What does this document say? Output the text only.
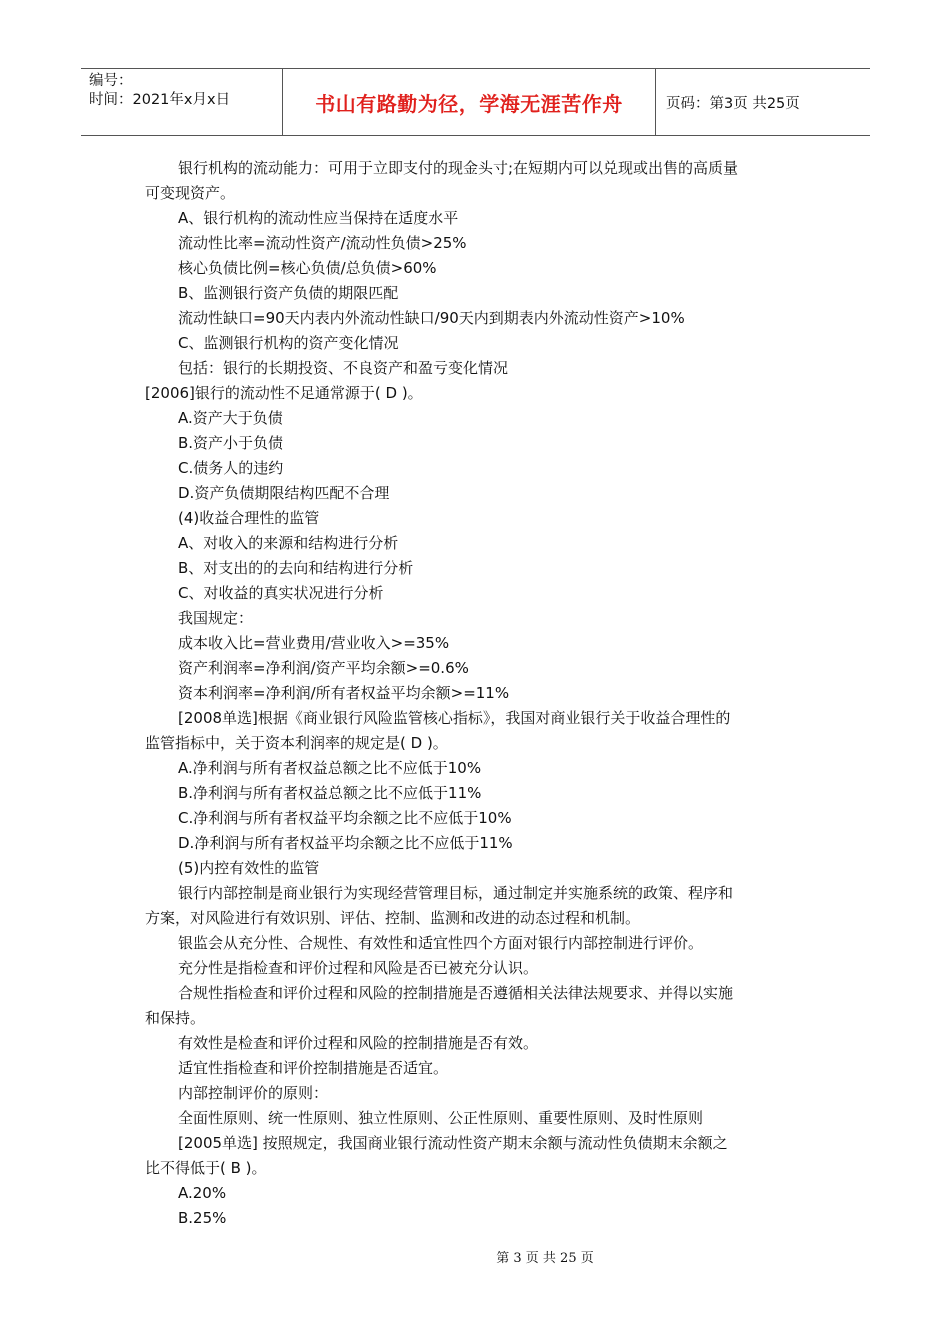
编号：
时间：2021年x月x日	书山有路勤为径，学海无涯苦作舟	页码：第3页 共25页
银行机构的流动能力：可用于立即支付的现金头寸;在短期内可以兑现或出售的高质量
可变现资产。
A、银行机构的流动性应当保持在适度水平
流动性比率=流动性资产/流动性负债>25%
核心负债比例=核心负债/总负债>60%
B、监测银行资产负债的期限匹配
流动性缺口=90天内表内外流动性缺口/90天内到期表内外流动性资产>10%
C、监测银行机构的资产变化情况
包括：银行的长期投资、不良资产和盈亏变化情况
[2006]银行的流动性不足通常源于( D )。
A.资产大于负债
B.资产小于负债
C.债务人的违约
D.资产负债期限结构匹配不合理
(4)收益合理性的监管
A、对收入的来源和结构进行分析
B、对支出的的去向和结构进行分析
C、对收益的真实状况进行分析
我国规定：
成本收入比=营业费用/营业收入>=35%
资产利润率=净利润/资产平均余额>=0.6%
资本利润率=净利润/所有者权益平均余额>=11%
[2008单选]根据《商业银行风险监管核心指标》，我国对商业银行关于收益合理性的
监管指标中，关于资本利润率的规定是( D )。
A.净利润与所有者权益总额之比不应低于10%
B.净利润与所有者权益总额之比不应低于11%
C.净利润与所有者权益平均余额之比不应低于10%
D.净利润与所有者权益平均余额之比不应低于11%
(5)内控有效性的监管
银行内部控制是商业银行为实现经营管理目标，通过制定并实施系统的政策、程序和
方案，对风险进行有效识别、评估、控制、监测和改进的动态过程和机制。
银监会从充分性、合规性、有效性和适宜性四个方面对银行内部控制进行评价。
充分性是指检查和评价过程和风险是否已被充分认识。
合规性指检查和评价过程和风险的控制措施是否遵循相关法律法规要求、并得以实施
和保持。
有效性是检查和评价过程和风险的控制措施是否有效。
适宜性指检查和评价控制措施是否适宜。
内部控制评价的原则：
全面性原则、统一性原则、独立性原则、公正性原则、重要性原则、及时性原则
[2005单选] 按照规定，我国商业银行流动性资产期末余额与流动性负债期末余额之
比不得低于( B )。
A.20%
B.25%
第 3 页 共 25 页
